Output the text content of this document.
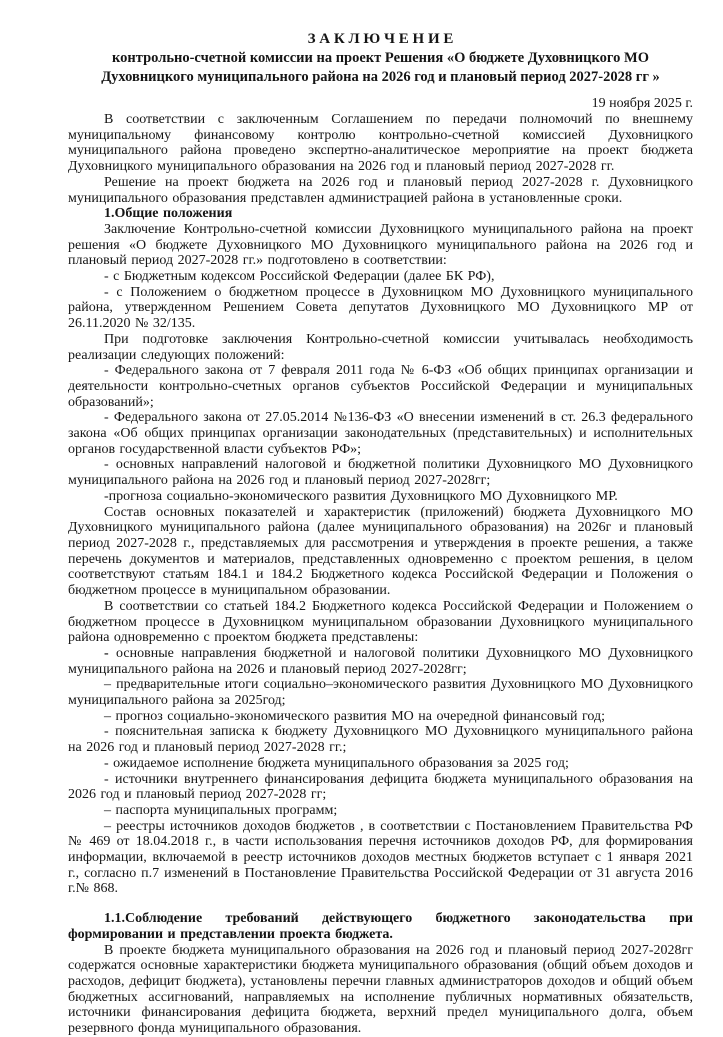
З А К Л Ю Ч Е Н И Е
контрольно-счетной комиссии на проект Решения «О бюджете Духовницкого МО Духовницкого муниципального района на 2026 год и плановый период 2027-2028 гг »
19 ноября 2025 г.

В соответствии с заключенным Соглашением по передачи полномочий по внешнему муниципальному финансовому контролю контрольно-счетной комиссией Духовницкого муниципального района проведено экспертно-аналитическое мероприятие на проект бюджета Духовницкого муниципального образования на 2026 год и плановый период 2027-2028 гг.

Решение на проект бюджета на 2026 год и плановый период 2027-2028 г. Духовницкого муниципального образования представлен администрацией района в установленные сроки.

1.Общие положения

Заключение Контрольно-счетной комиссии Духовницкого муниципального района на проект решения «О бюджете Духовницкого МО Духовницкого муниципального района на 2026 год и плановый период 2027-2028 гг.» подготовлено в соответствии:

- с Бюджетным кодексом Российской Федерации (далее БК РФ),

- с Положением о бюджетном процессе в Духовницком МО Духовницкого муниципального района, утвержденном Решением Совета депутатов Духовницкого МО Духовницкого МР от 26.11.2020 № 32/135.

При подготовке заключения Контрольно-счетной комиссии учитывалась необходимость реализации следующих положений:

- Федерального закона от 7 февраля 2011 года № 6-ФЗ «Об общих принципах организации и деятельности контрольно-счетных органов субъектов Российской Федерации и муниципальных образований»;

- Федерального закона от 27.05.2014 №136-ФЗ «О внесении изменений в ст. 26.3 федерального закона «Об общих принципах организации законодательных (представительных) и исполнительных органов государственной власти субъектов РФ»;

- основных направлений налоговой и бюджетной политики Духовницкого МО Духовницкого муниципального района на 2026 год и плановый период 2027-2028гг;

-прогноза социально-экономического развития Духовницкого МО Духовницкого МР.

Состав основных показателей и характеристик (приложений) бюджета Духовницкого МО Духовницкого муниципального района (далее муниципального образования) на 2026г и плановый период 2027-2028 г., представляемых для рассмотрения и утверждения в проекте решения, а также перечень документов и материалов, представленных одновременно с проектом решения, в целом соответствуют статьям 184.1 и 184.2 Бюджетного кодекса Российской Федерации и Положения о бюджетном процессе в муниципальном образовании.

В соответствии со статьей 184.2 Бюджетного кодекса Российской Федерации и Положением о бюджетном процессе в Духовницком муниципальном образовании Духовницкого муниципального района одновременно с проектом бюджета представлены:

- основные направления бюджетной и налоговой политики Духовницкого МО Духовницкого муниципального района на 2026 и плановый период 2027-2028гг;

– предварительные итоги социально–экономического развития Духовницкого МО Духовницкого муниципального района за 2025год;

– прогноз социально-экономического развития МО на очередной финансовый год;

- пояснительная записка к бюджету Духовницкого МО Духовницкого муниципального района на 2026 год и плановый период 2027-2028 гг.;

- ожидаемое исполнение бюджета муниципального образования за 2025 год;

- источники внутреннего финансирования дефицита бюджета муниципального образования на 2026 год и плановый период 2027-2028 гг;

– паспорта муниципальных программ;

– реестры источников доходов бюджетов , в соответствии с Постановлением Правительства РФ № 469 от 18.04.2018 г., в части использования перечня источников доходов РФ, для формирования информации, включаемой в реестр источников доходов местных бюджетов вступает с 1 января 2021 г., согласно п.7 изменений в Постановление Правительства Российской Федерации от 31 августа 2016 г.№ 868.

1.1.Соблюдение требований действующего бюджетного законодательства при формировании и представлении проекта бюджета.

В проекте бюджета муниципального образования на 2026 год и плановый период 2027-2028гг содержатся основные характеристики бюджета муниципального образования (общий объем доходов и расходов, дефицит бюджета), установлены перечни главных администраторов доходов и общий объем бюджетных ассигнований, направляемых на исполнение публичных нормативных обязательств, источники финансирования дефицита бюджета, верхний предел муниципального долга, объем резервного фонда муниципального образования.
